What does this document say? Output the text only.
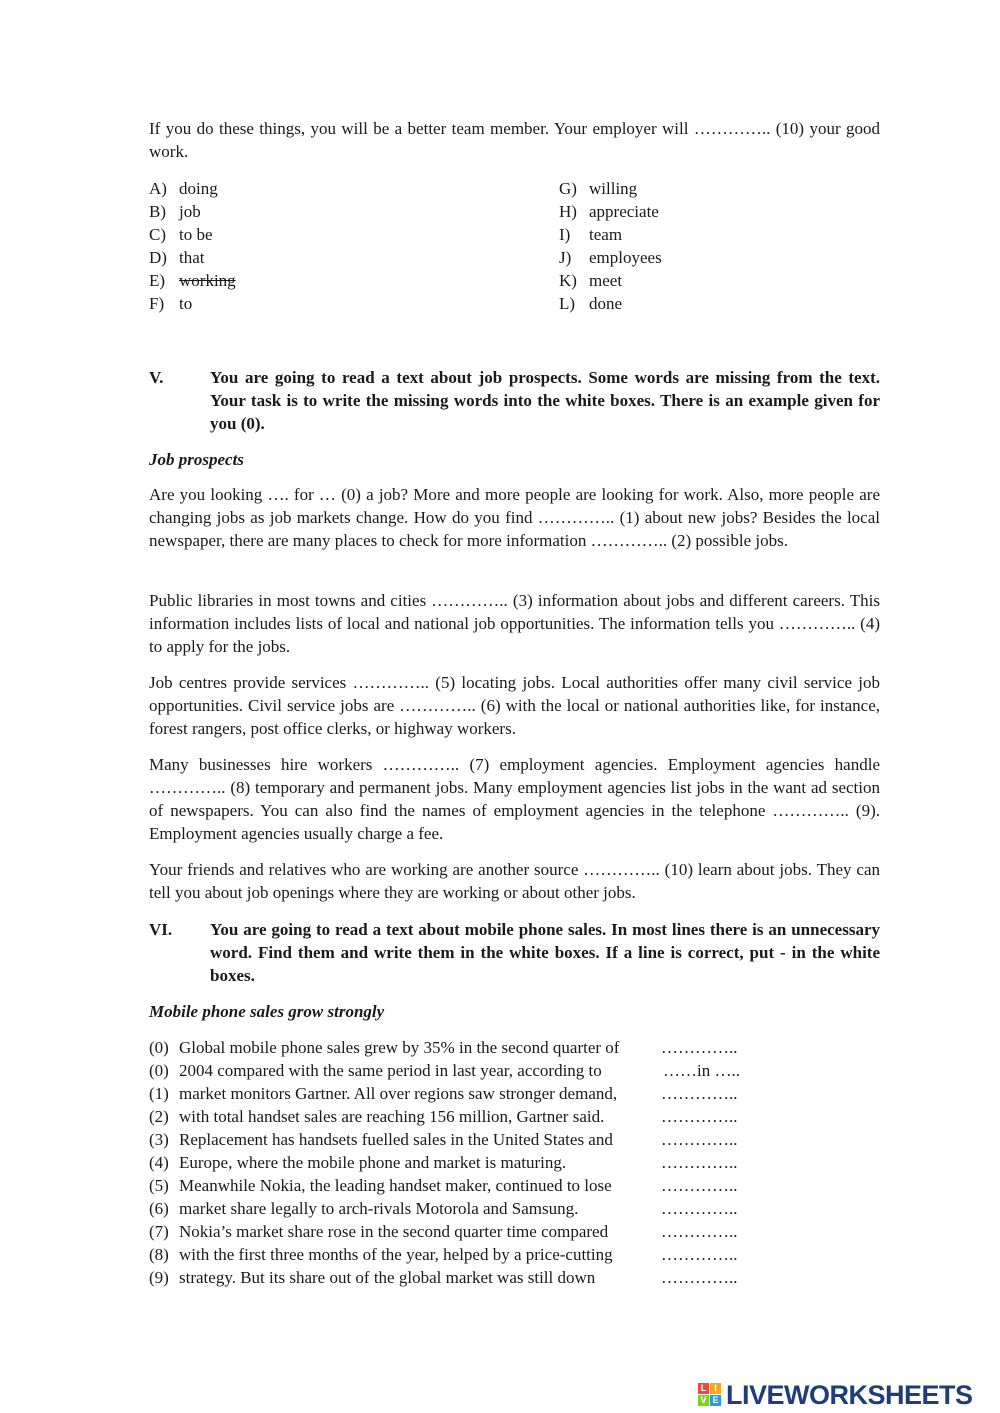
If you do these things, you will be a better team member. Your employer will ………….. (10) your good work.

A) doing
B) job
C) to be
D) that
E) working
F) to
G) willing
H) appreciate
I) team
J) employees
K) meet
L) done
V.	You are going to read a text about job prospects. Some words are missing from the text. Your task is to write the missing words into the white boxes. There is an example given for you (0).
Job prospects

Are you looking …. for … (0) a job? More and more people are looking for work. Also, more people are changing jobs as job markets change. How do you find ………….. (1) about new jobs? Besides the local newspaper, there are many places to check for more information ………….. (2) possible jobs.

Public libraries in most towns and cities ………….. (3) information about jobs and different careers. This information includes lists of local and national job opportunities. The information tells you ………….. (4) to apply for the jobs.

Job centres provide services ………….. (5) locating jobs. Local authorities offer many civil service job opportunities. Civil service jobs are ………….. (6) with the local or national authorities like, for instance, forest rangers, post office clerks, or highway workers.

Many businesses hire workers ………….. (7) employment agencies. Employment agencies handle ………….. (8) temporary and permanent jobs. Many employment agencies list jobs in the want ad section of newspapers. You can also find the names of employment agencies in the telephone ………….. (9). Employment agencies usually charge a fee.

Your friends and relatives who are working are another source ………….. (10) learn about jobs. They can tell you about job openings where they are working or about other jobs.

VI. You are going to read a text about mobile phone sales. In most lines there is an unnecessary word. Find them and write them in the white boxes. If a line is correct, put - in the white boxes.
Mobile phone sales grow strongly
(0) Global mobile phone sales grew by 35% in the second quarter of …………..
(0) 2004 compared with the same period in last year, according to	……in …..
(1) market monitors Gartner. All over regions saw stronger demand,	…………..
(2) with total handset sales are reaching 156 million, Gartner said.	…………..
(3) Replacement has handsets fuelled sales in the United States and	…………..
(4) Europe, where the mobile phone and market is maturing.	…………..
(5) Meanwhile Nokia, the leading handset maker, continued to lose	…………..
(6) market share legally to arch-rivals Motorola and Samsung.	…………..
(7) Nokia’s market share rose in the second quarter time compared	…………..
(8) with the first three months of the year, helped by a price-cutting	…………..
(9) strategy. But its share out of the global market was still down	…………..
L I
V E LIVEWORKSHEETS
